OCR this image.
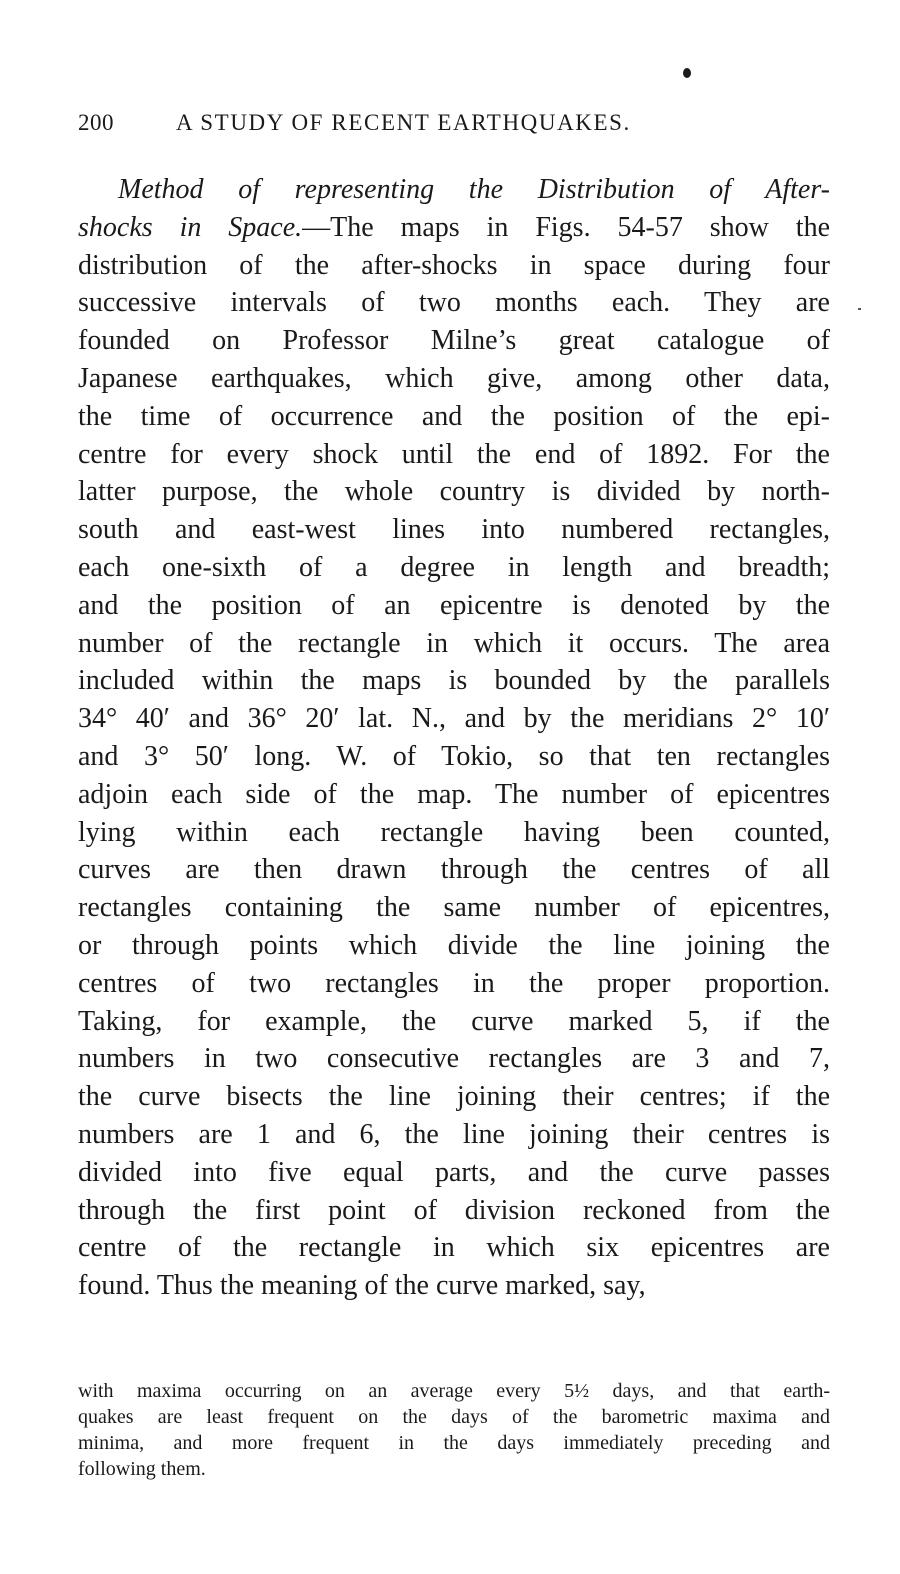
200	A STUDY OF RECENT EARTHQUAKES.
Method of representing the Distribution of After-
shocks in Space.—The maps in Figs. 54-57 show the
distribution of the after-shocks in space during four
successive intervals of two months each. They are
founded on Professor Milne’s great catalogue of
Japanese earthquakes, which give, among other data,
the time of occurrence and the position of the epi-
centre for every shock until the end of 1892. For the
latter purpose, the whole country is divided by north-
south and east-west lines into numbered rectangles,
each one-sixth of a degree in length and breadth;
and the position of an epicentre is denoted by the
number of the rectangle in which it occurs. The area
included within the maps is bounded by the parallels
34° 40′ and 36° 20′ lat. N., and by the meridians 2° 10′
and 3° 50′ long. W. of Tokio, so that ten rectangles
adjoin each side of the map. The number of epicentres
lying within each rectangle having been counted,
curves are then drawn through the centres of all
rectangles containing the same number of epicentres,
or through points which divide the line joining the
centres of two rectangles in the proper proportion.
Taking, for example, the curve marked 5, if the
numbers in two consecutive rectangles are 3 and 7,
the curve bisects the line joining their centres; if the
numbers are 1 and 6, the line joining their centres is
divided into five equal parts, and the curve passes
through the first point of division reckoned from the
centre of the rectangle in which six epicentres are
found. Thus the meaning of the curve marked, say,
with maxima occurring on an average every 5½ days, and that earth-
quakes are least frequent on the days of the barometric maxima and
minima, and more frequent in the days immediately preceding and
following them.
